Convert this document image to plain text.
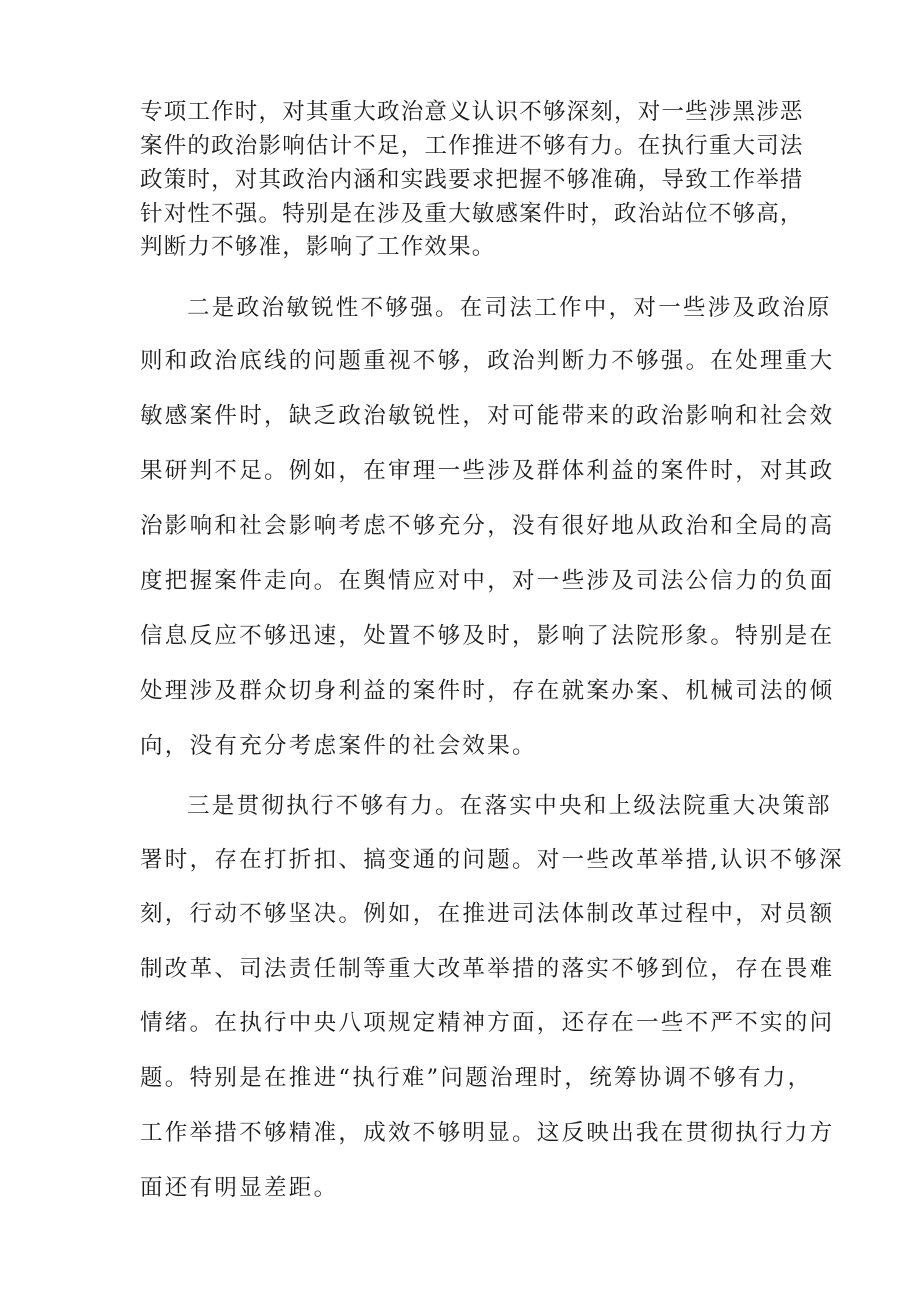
专项工作时，对其重大政治意义认识不够深刻，对一些涉黑涉恶

案件的政治影响估计不足，工作推进不够有力。在执行重大司法

政策时，对其政治内涵和实践要求把握不够准确，导致工作举措

针对性不强。特别是在涉及重大敏感案件时，政治站位不够高，

判断力不够准，影响了工作效果。

二是政治敏锐性不够强。在司法工作中，对一些涉及政治原

则和政治底线的问题重视不够，政治判断力不够强。在处理重大

敏感案件时，缺乏政治敏锐性，对可能带来的政治影响和社会效

果研判不足。例如，在审理一些涉及群体利益的案件时，对其政

治影响和社会影响考虑不够充分，没有很好地从政治和全局的高

度把握案件走向。在舆情应对中，对一些涉及司法公信力的负面

信息反应不够迅速，处置不够及时，影响了法院形象。特别是在

处理涉及群众切身利益的案件时，存在就案办案、机械司法的倾

向，没有充分考虑案件的社会效果。

三是贯彻执行不够有力。在落实中央和上级法院重大决策部

署时，存在打折扣、搞变通的问题。对一些改革举措,认识不够深

刻，行动不够坚决。例如，在推进司法体制改革过程中，对员额

制改革、司法责任制等重大改革举措的落实不够到位，存在畏难

情绪。在执行中央八项规定精神方面，还存在一些不严不实的问

题。特别是在推进“执行难”问题治理时，统筹协调不够有力，

工作举措不够精准，成效不够明显。这反映出我在贯彻执行力方

面还有明显差距。
